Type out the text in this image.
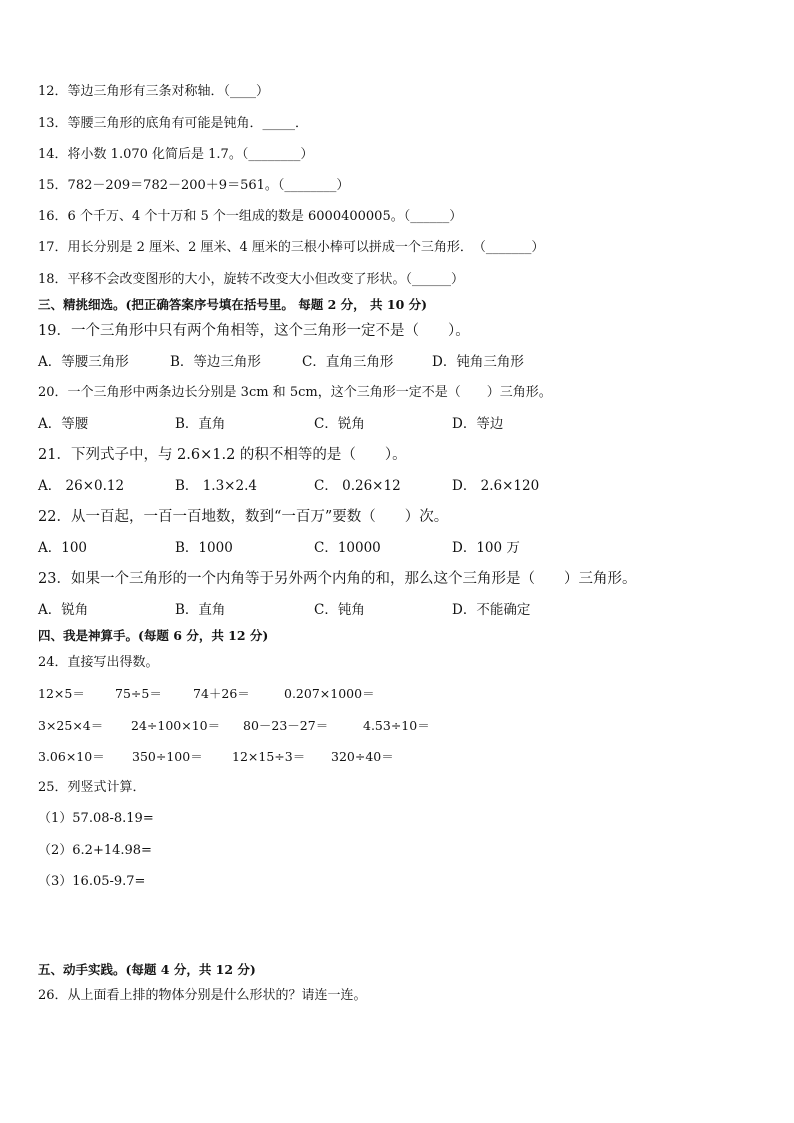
12．等边三角形有三条对称轴．（____）
13．等腰三角形的底角有可能是钝角．_____．
14．将小数 1.070 化简后是 1.7。（________）
15．782－209＝782－200＋9＝561。（________）
16．6 个千万、4 个十万和 5 个一组成的数是 6000400005。（______）
17．用长分别是 2 厘米、2 厘米、4 厘米的三根小棒可以拼成一个三角形．　（_______）
18．平移不会改变图形的大小，旋转不改变大小但改变了形状。（______）
三、精挑细选。(把正确答案序号填在括号里。 每题 2 分， 共 10 分)
19．一个三角形中只有两个角相等，这个三角形一定不是（　　）。
A．等腰三角形	B．等边三角形	C．直角三角形	D．钝角三角形
20．一个三角形中两条边长分别是 3cm 和 5cm，这个三角形一定不是（　　）三角形。
A．等腰	B．直角	C．锐角	D．等边
21．下列式子中，与 2.6×1.2 的积不相等的是（　　）。
A． 26×0.12	B． 1.3×2.4	C． 0.26×12	D． 2.6×120
22．从一百起，一百一百地数，数到“一百万”要数（　　）次。
A．100	B．1000	C．10000	D．100 万
23．如果一个三角形的一个内角等于另外两个内角的和，那么这个三角形是（　　）三角形。
A．锐角	B．直角	C．钝角	D．不能确定
四、我是神算手。(每题 6 分，共 12 分)
24．直接写出得数。
12×5＝ 75÷5＝ 74＋26＝	0.207×1000＝
3×25×4＝ 24÷100×10＝ 80－23－27＝	4.53÷10＝
3.06×10＝ 350÷100＝ 12×15÷3＝ 320÷40＝
25．列竖式计算．
（1）57.08-8.19=
（2）6.2+14.98=
（3）16.05-9.7=
五、动手实践。(每题 4 分，共 12 分)
26．从上面看上排的物体分别是什么形状的？请连一连。
